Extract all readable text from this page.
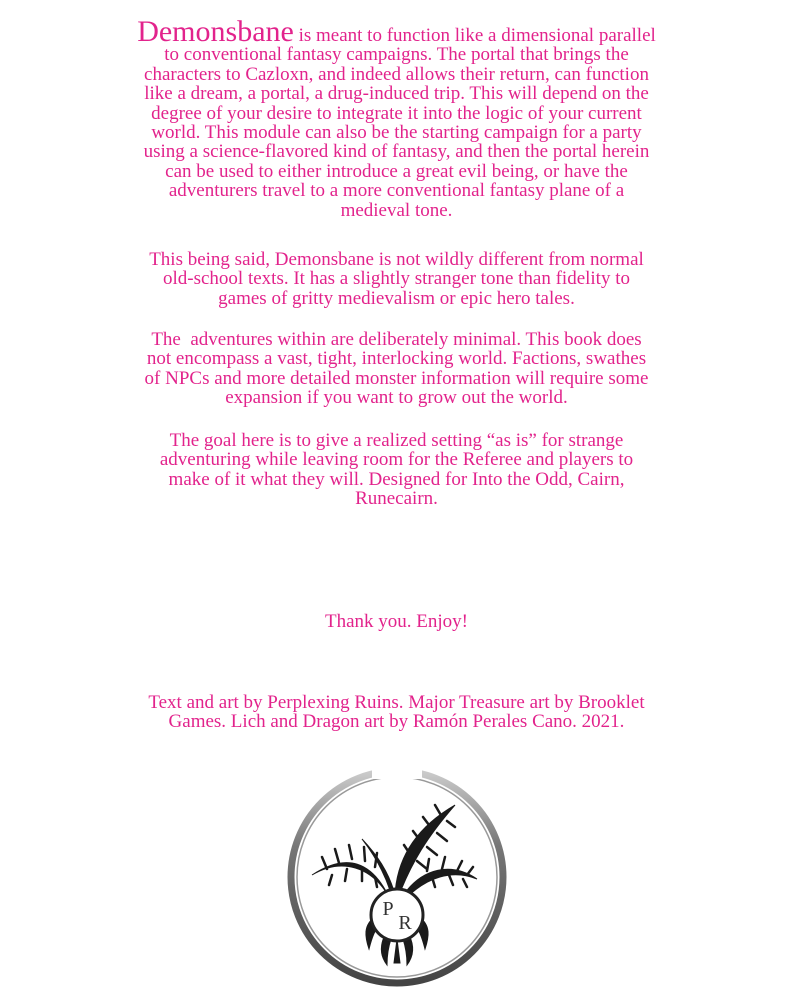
Demonsbane is meant to function like a dimensional parallel
to conventional fantasy campaigns. The portal that brings the
characters to Cazloxn, and indeed allows their return, can function
like a dream, a portal, a drug-induced trip. This will depend on the
degree of your desire to integrate it into the logic of your current
world. This module can also be the starting campaign for a party
using a science-flavored kind of fantasy, and then the portal herein
can be used to either introduce a great evil being, or have the
adventurers travel to a more conventional fantasy plane of a
medieval tone.
This being said, Demonsbane is not wildly different from normal
old-school texts. It has a slightly stranger tone than fidelity to
games of gritty medievalism or epic hero tales.
The  adventures within are deliberately minimal. This book does
not encompass a vast, tight, interlocking world. Factions, swathes
of NPCs and more detailed monster information will require some
expansion if you want to grow out the world.
The goal here is to give a realized setting “as is” for strange
adventuring while leaving room for the Referee and players to
make of it what they will. Designed for Into the Odd, Cairn,
Runecairn.
Thank you. Enjoy!
Text and art by Perplexing Ruins. Major Treasure art by Brooklet
Games. Lich and Dragon art by Ramón Perales Cano. 2021.
P
R
